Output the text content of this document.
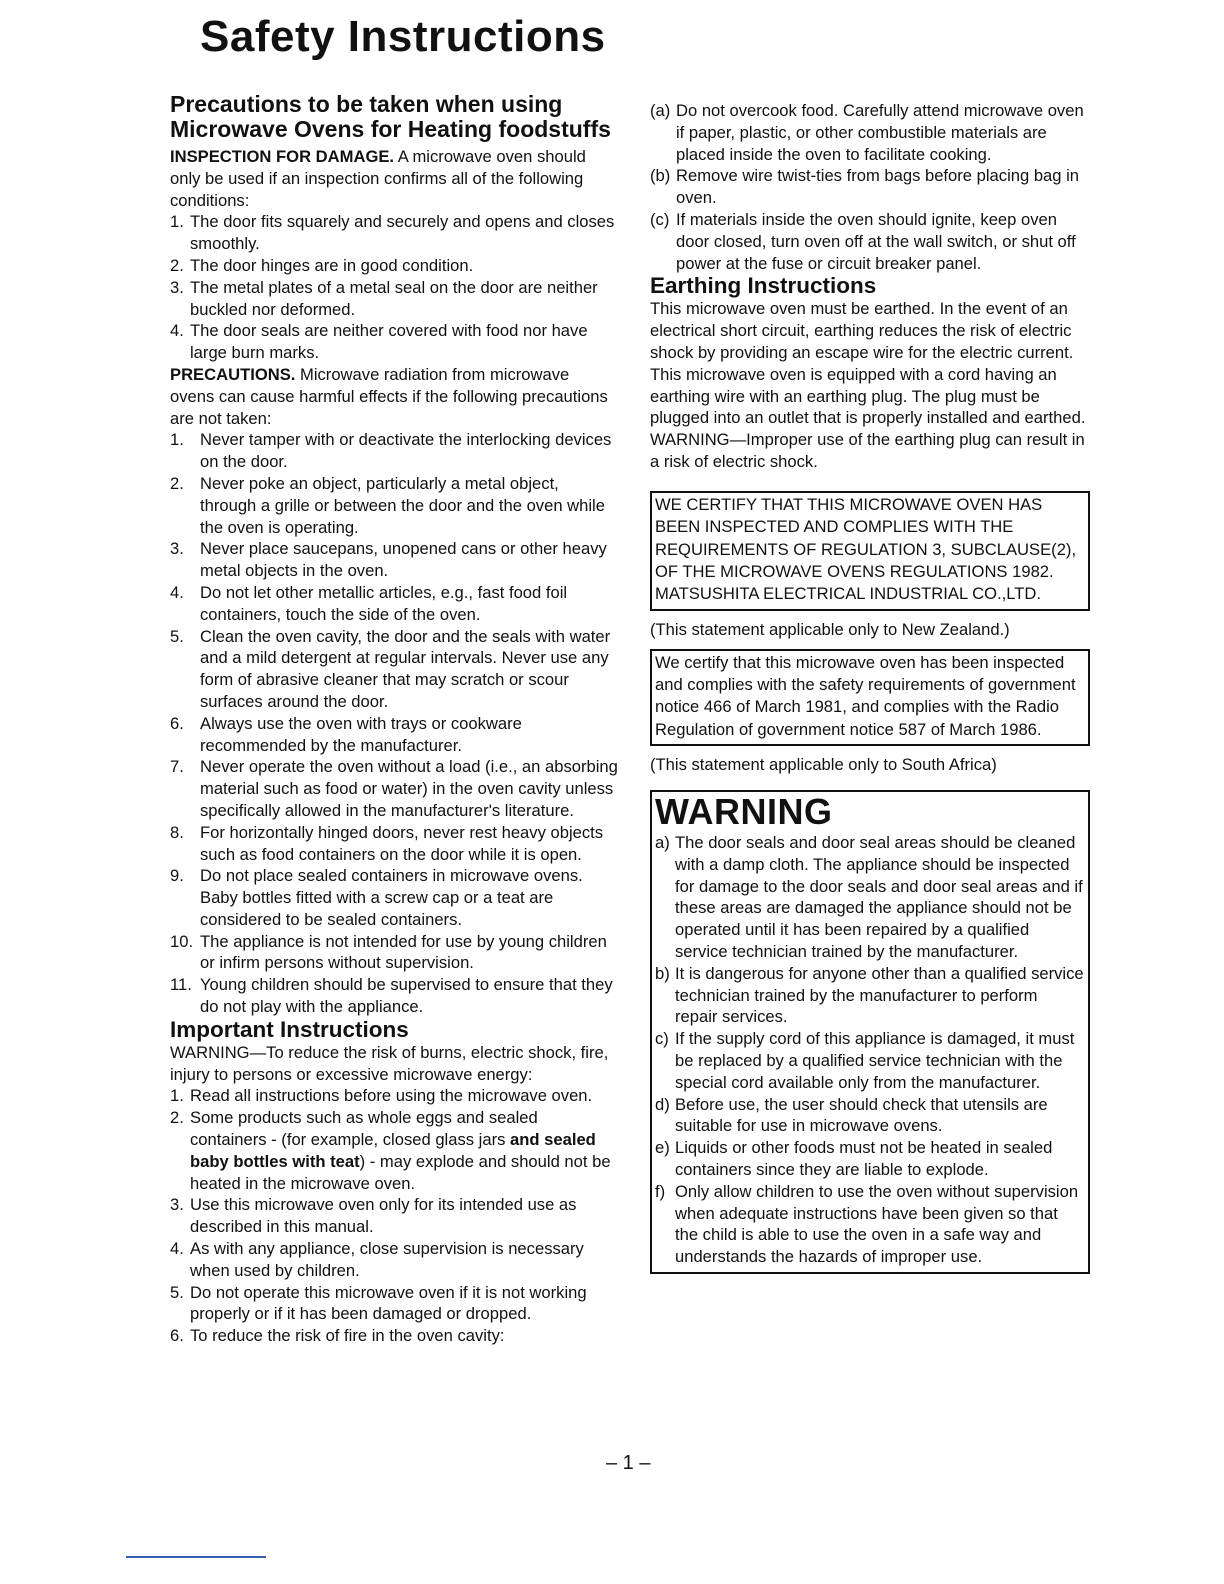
Safety Instructions
Precautions to be taken when using Microwave Ovens for Heating foodstuffs

INSPECTION FOR DAMAGE. A microwave oven should only be used if an inspection confirms all of the following conditions:

1. The door fits squarely and securely and opens and closes smoothly.
2. The door hinges are in good condition.
3. The metal plates of a metal seal on the door are neither buckled nor deformed.
4. The door seals are neither covered with food nor have large burn marks.

PRECAUTIONS. Microwave radiation from microwave ovens can cause harmful effects if the following precautions are not taken:

1. Never tamper with or deactivate the interlocking devices on the door.
2. Never poke an object, particularly a metal object, through a grille or between the door and the oven while the oven is operating.
3. Never place saucepans, unopened cans or other heavy metal objects in the oven.
4. Do not let other metallic articles, e.g., fast food foil containers, touch the side of the oven.
5. Clean the oven cavity, the door and the seals with water and a mild detergent at regular intervals. Never use any form of abrasive cleaner that may scratch or scour surfaces around the door.
6. Always use the oven with trays or cookware recommended by the manufacturer.
7. Never operate the oven without a load (i.e., an absorbing material such as food or water) in the oven cavity unless specifically allowed in the manufacturer's literature.
8. For horizontally hinged doors, never rest heavy objects such as food containers on the door while it is open.
9. Do not place sealed containers in microwave ovens. Baby bottles fitted with a screw cap or a teat are considered to be sealed containers.
10. The appliance is not intended for use by young children or infirm persons without supervision.
11. Young children should be supervised to ensure that they do not play with the appliance.
Important Instructions

WARNING—To reduce the risk of burns, electric shock, fire, injury to persons or excessive microwave energy:

1. Read all instructions before using the microwave oven.
2. Some products such as whole eggs and sealed containers - (for example, closed glass jars and sealed baby bottles with teat) - may explode and should not be heated in the microwave oven.
3. Use this microwave oven only for its intended use as described in this manual.
4. As with any appliance, close supervision is necessary when used by children.
5. Do not operate this microwave oven if it is not working properly or if it has been damaged or dropped.
6. To reduce the risk of fire in the oven cavity:
(a) Do not overcook food. Carefully attend microwave oven if paper, plastic, or other combustible materials are placed inside the oven to facilitate cooking.
(b) Remove wire twist-ties from bags before placing bag in oven.
(c) If materials inside the oven should ignite, keep oven door closed, turn oven off at the wall switch, or shut off power at the fuse or circuit breaker panel.
Earthing Instructions

This microwave oven must be earthed. In the event of an electrical short circuit, earthing reduces the risk of electric shock by providing an escape wire for the electric current. This microwave oven is equipped with a cord having an earthing wire with an earthing plug. The plug must be plugged into an outlet that is properly installed and earthed.

WARNING—Improper use of the earthing plug can result in a risk of electric shock.

WE CERTIFY THAT THIS MICROWAVE OVEN HAS BEEN INSPECTED AND COMPLIES WITH THE REQUIREMENTS OF REGULATION 3, SUBCLAUSE(2), OF THE MICROWAVE OVENS REGULATIONS 1982.

MATSUSHITA ELECTRICAL INDUSTRIAL CO.,LTD.

(This statement applicable only to New Zealand.)

We certify that this microwave oven has been inspected and complies with the safety requirements of government notice 466 of March 1981, and complies with the Radio Regulation of government notice 587 of March 1986.

(This statement applicable only to South Africa)

WARNING
a) The door seals and door seal areas should be cleaned with a damp cloth. The appliance should be inspected for damage to the door seals and door seal areas and if these areas are damaged the appliance should not be operated until it has been repaired by a qualified service technician trained by the manufacturer.
b) It is dangerous for anyone other than a qualified service technician trained by the manufacturer to perform repair services.
c) If the supply cord of this appliance is damaged, it must be replaced by a qualified service technician with the special cord available only from the manufacturer.
d) Before use, the user should check that utensils are suitable for use in microwave ovens.
e) Liquids or other foods must not be heated in sealed containers since they are liable to explode.
f) Only allow children to use the oven without supervision when adequate instructions have been given so that the child is able to use the oven in a safe way and understands the hazards of improper use.
– 1 –
